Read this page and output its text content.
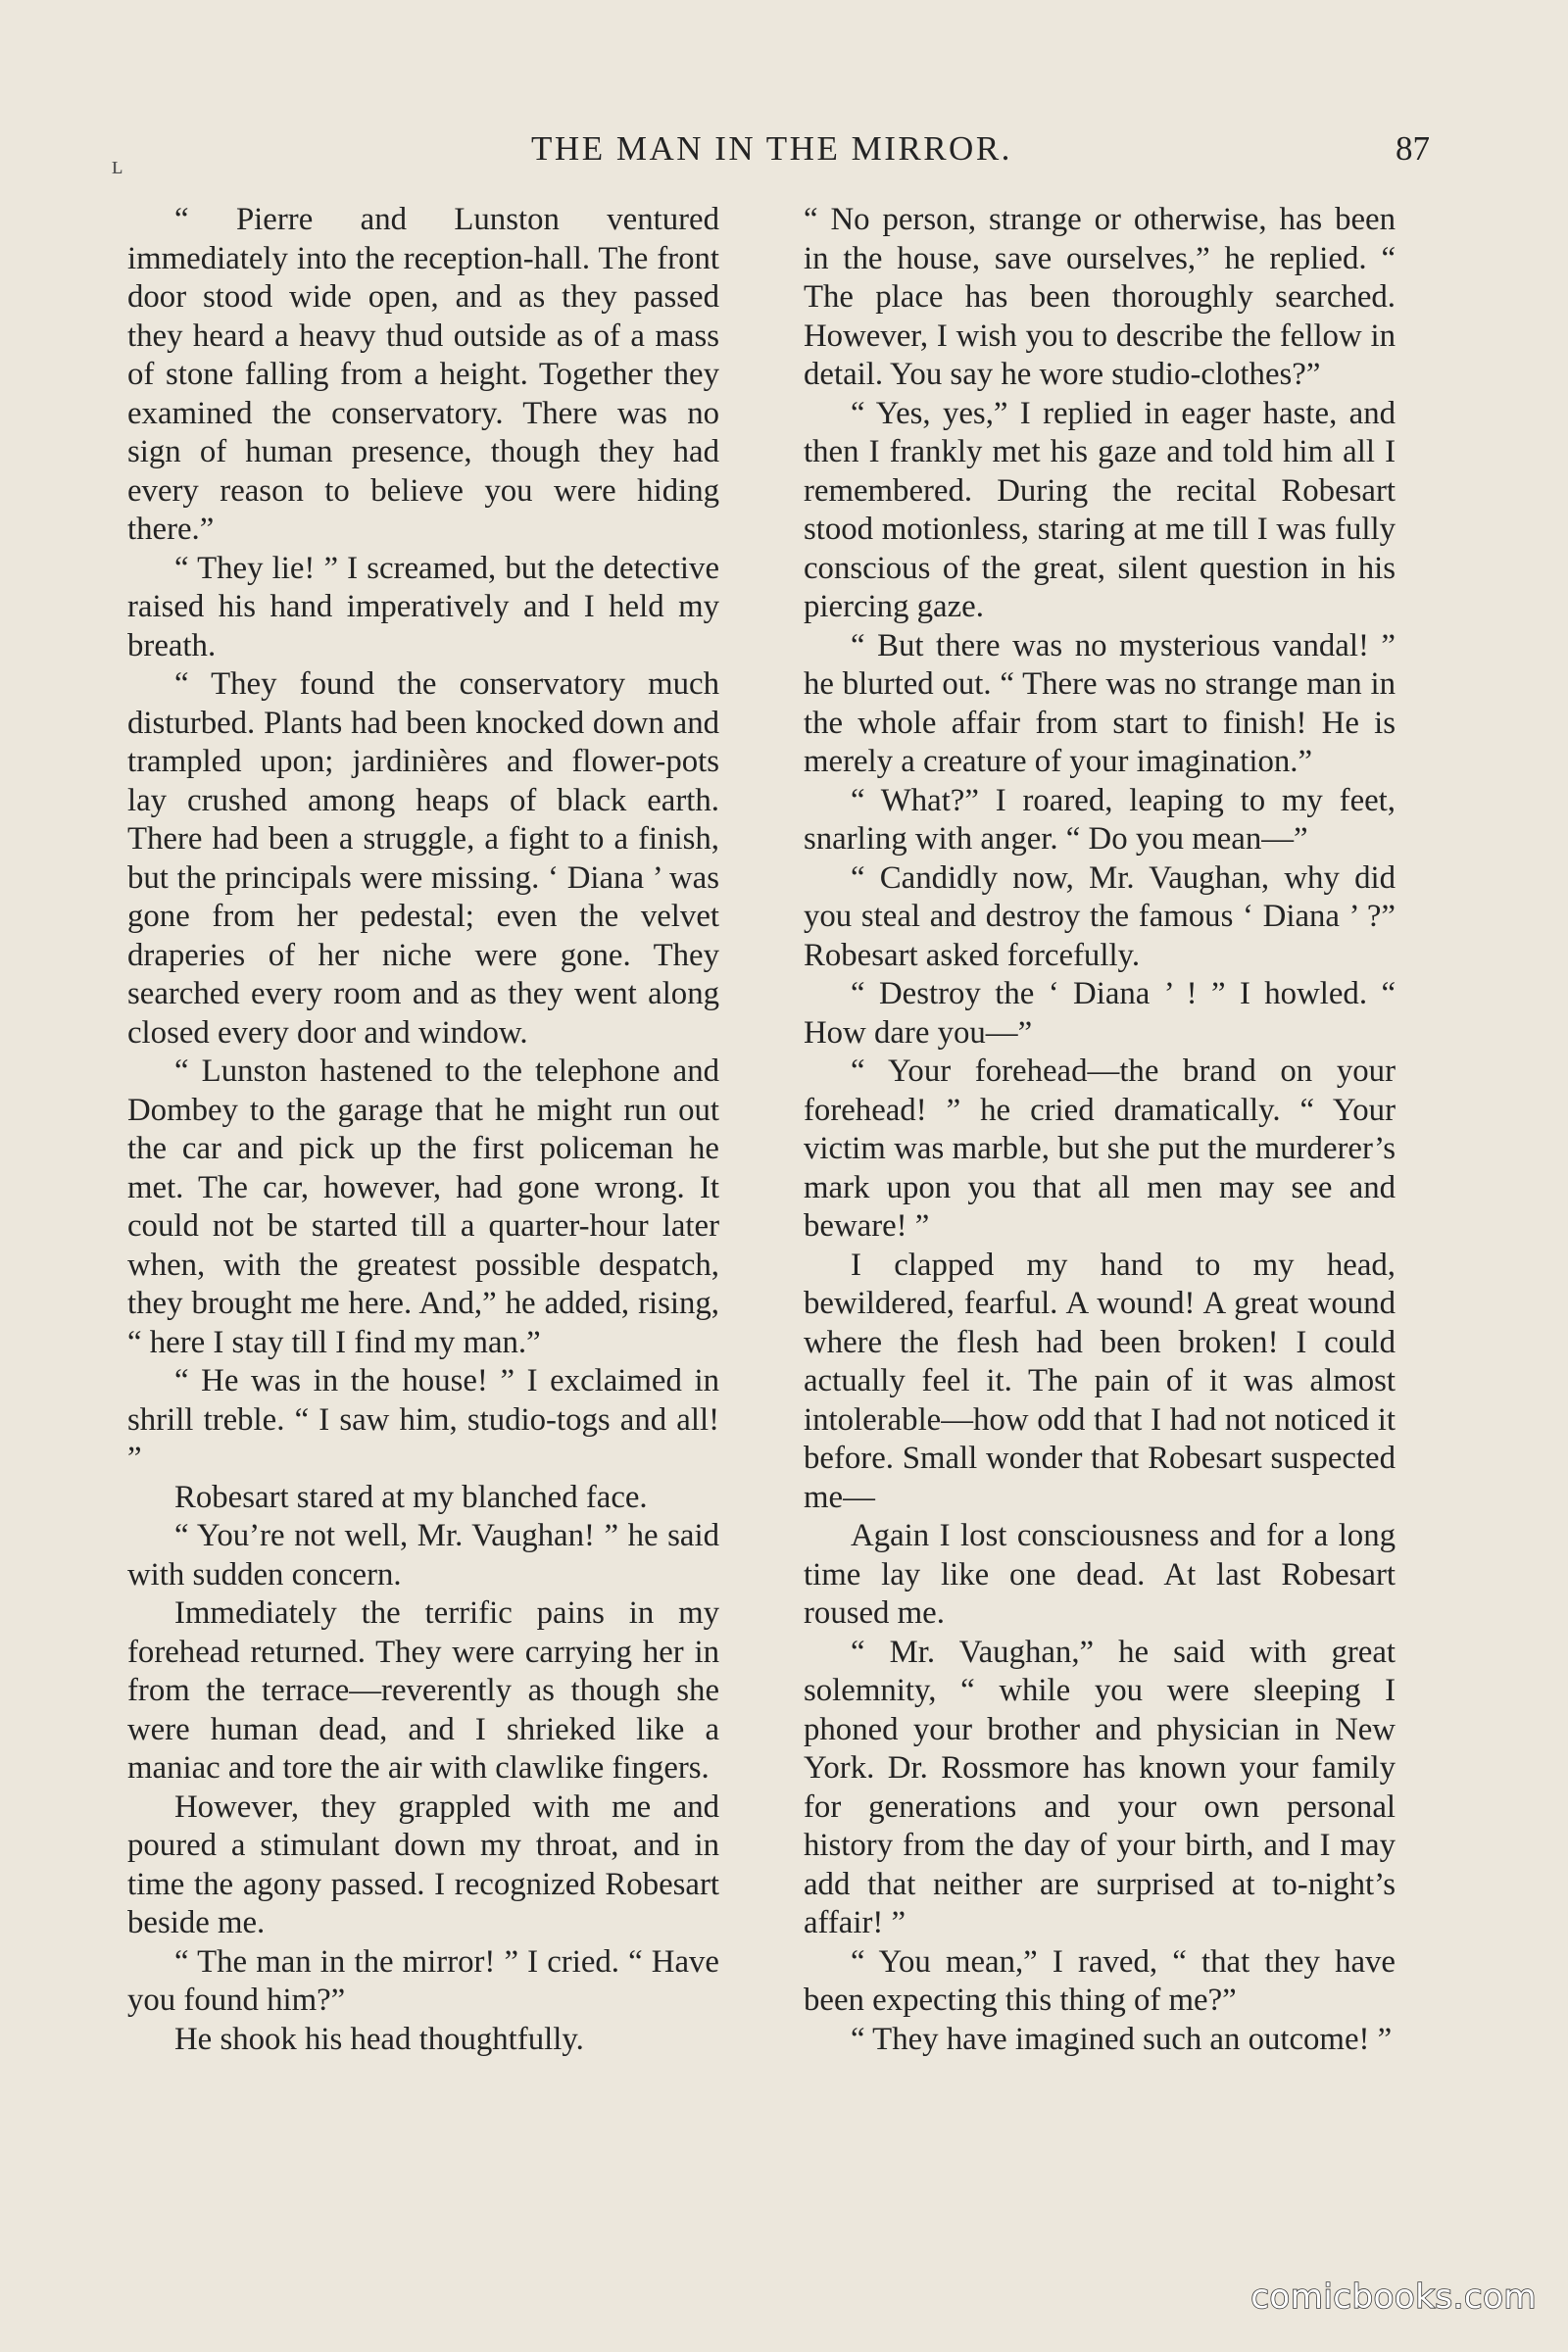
ʟ	THE MAN IN THE MIRROR.	87

“ Pierre and Lunston ventured immediately into the reception-hall. The front door stood wide open, and as they passed they heard a heavy thud outside as of a mass of stone falling from a height. Together they examined the conservatory. There was no sign of human presence, though they had every reason to believe you were hiding there.”

“ They lie! ” I screamed, but the detective raised his hand imperatively and I held my breath.

“ They found the conservatory much disturbed. Plants had been knocked down and trampled upon; jardinières and flower-pots lay crushed among heaps of black earth. There had been a struggle, a fight to a finish, but the principals were missing. ‘ Diana ’ was gone from her pedestal; even the velvet draperies of her niche were gone. They searched every room and as they went along closed every door and window.

“ Lunston hastened to the telephone and Dombey to the garage that he might run out the car and pick up the first policeman he met. The car, however, had gone wrong. It could not be started till a quarter-hour later when, with the greatest possible despatch, they brought me here. And,” he added, rising, “ here I stay till I find my man.”

“ He was in the house! ” I exclaimed in shrill treble. “ I saw him, studio-togs and all! ”

Robesart stared at my blanched face.

“ You’re not well, Mr. Vaughan! ” he said with sudden concern.

Immediately the terrific pains in my forehead returned. They were carrying her in from the terrace—reverently as though she were human dead, and I shrieked like a maniac and tore the air with clawlike fingers.

However, they grappled with me and poured a stimulant down my throat, and in time the agony passed. I recognized Robesart beside me.

“ The man in the mirror! ” I cried. “ Have you found him?”

He shook his head thoughtfully.

“ No person, strange or otherwise, has been in the house, save ourselves,” he replied. “ The place has been thoroughly searched. However, I wish you to describe the fellow in detail. You say he wore studio-clothes?”

“ Yes, yes,” I replied in eager haste, and then I frankly met his gaze and told him all I remembered. During the recital Robesart stood motionless, staring at me till I was fully conscious of the great, silent question in his piercing gaze.

“ But there was no mysterious vandal! ” he blurted out. “ There was no strange man in the whole affair from start to finish! He is merely a creature of your imagination.”

“ What?” I roared, leaping to my feet, snarling with anger. “ Do you mean—”

“ Candidly now, Mr. Vaughan, why did you steal and destroy the famous ‘ Diana ’ ?” Robesart asked forcefully.

“ Destroy the ‘ Diana ’ ! ” I howled. “ How dare you—”

“ Your forehead—the brand on your forehead! ” he cried dramatically. “ Your victim was marble, but she put the murderer’s mark upon you that all men may see and beware! ”

I clapped my hand to my head, bewildered, fearful. A wound! A great wound where the flesh had been broken! I could actually feel it. The pain of it was almost intolerable—how odd that I had not noticed it before. Small wonder that Robesart suspected me—

Again I lost consciousness and for a long time lay like one dead. At last Robesart roused me.

“ Mr. Vaughan,” he said with great solemnity, “ while you were sleeping I phoned your brother and physician in New York. Dr. Rossmore has known your family for generations and your own personal history from the day of your birth, and I may add that neither are surprised at to-night’s affair! ”

“ You mean,” I raved, “ that they have been expecting this thing of me?”

“ They have imagined such an outcome! ”

comicbooks.com
